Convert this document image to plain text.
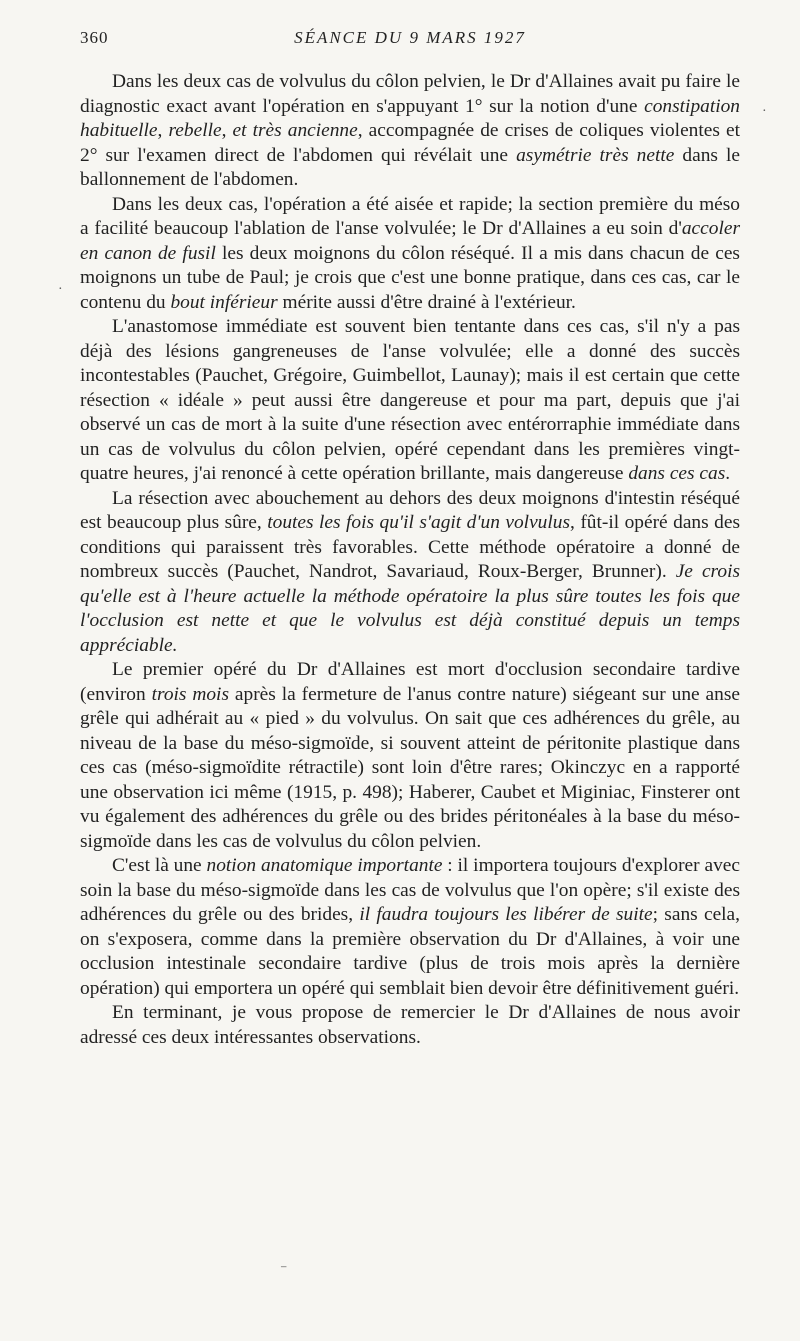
360	SÉANCE DU 9 MARS 1927

Dans les deux cas de volvulus du côlon pelvien, le Dr d'Allaines avait pu faire le diagnostic exact avant l'opération en s'appuyant 1° sur la notion d'une constipation habituelle, rebelle, et très ancienne, accompagnée de crises de coliques violentes et 2° sur l'examen direct de l'abdomen qui révélait une asymétrie très nette dans le ballonnement de l'abdomen.

Dans les deux cas, l'opération a été aisée et rapide; la section première du méso a facilité beaucoup l'ablation de l'anse volvulée; le Dr d'Allaines a eu soin d'accoler en canon de fusil les deux moignons du côlon réséqué. Il a mis dans chacun de ces moignons un tube de Paul; je crois que c'est une bonne pratique, dans ces cas, car le contenu du bout inférieur mérite aussi d'être drainé à l'extérieur.

L'anastomose immédiate est souvent bien tentante dans ces cas, s'il n'y a pas déjà des lésions gangreneuses de l'anse volvulée; elle a donné des succès incontestables (Pauchet, Grégoire, Guimbellot, Launay); mais il est certain que cette résection « idéale » peut aussi être dangereuse et pour ma part, depuis que j'ai observé un cas de mort à la suite d'une résection avec entérorraphie immédiate dans un cas de volvulus du côlon pelvien, opéré cependant dans les premières vingt-quatre heures, j'ai renoncé à cette opération brillante, mais dangereuse dans ces cas.

La résection avec abouchement au dehors des deux moignons d'intestin réséqué est beaucoup plus sûre, toutes les fois qu'il s'agit d'un volvulus, fût-il opéré dans des conditions qui paraissent très favorables. Cette méthode opératoire a donné de nombreux succès (Pauchet, Nandrot, Savariaud, Roux-Berger, Brunner). Je crois qu'elle est à l'heure actuelle la méthode opératoire la plus sûre toutes les fois que l'occlusion est nette et que le volvulus est déjà constitué depuis un temps appréciable.

Le premier opéré du Dr d'Allaines est mort d'occlusion secondaire tardive (environ trois mois après la fermeture de l'anus contre nature) siégeant sur une anse grêle qui adhérait au « pied » du volvulus. On sait que ces adhérences du grêle, au niveau de la base du méso-sigmoïde, si souvent atteint de péritonite plastique dans ces cas (méso-sigmoïdite rétractile) sont loin d'être rares; Okinczyc en a rapporté une observation ici même (1915, p. 498); Haberer, Caubet et Miginiac, Finsterer ont vu également des adhérences du grêle ou des brides péritonéales à la base du méso-sigmoïde dans les cas de volvulus du côlon pelvien.

C'est là une notion anatomique importante : il importera toujours d'explorer avec soin la base du méso-sigmoïde dans les cas de volvulus que l'on opère; s'il existe des adhérences du grêle ou des brides, il faudra toujours les libérer de suite; sans cela, on s'exposera, comme dans la première observation du Dr d'Allaines, à voir une occlusion intestinale secondaire tardive (plus de trois mois après la dernière opération) qui emportera un opéré qui semblait bien devoir être définitivement guéri.

En terminant, je vous propose de remercier le Dr d'Allaines de nous avoir adressé ces deux intéressantes observations.

·
·
⁻
